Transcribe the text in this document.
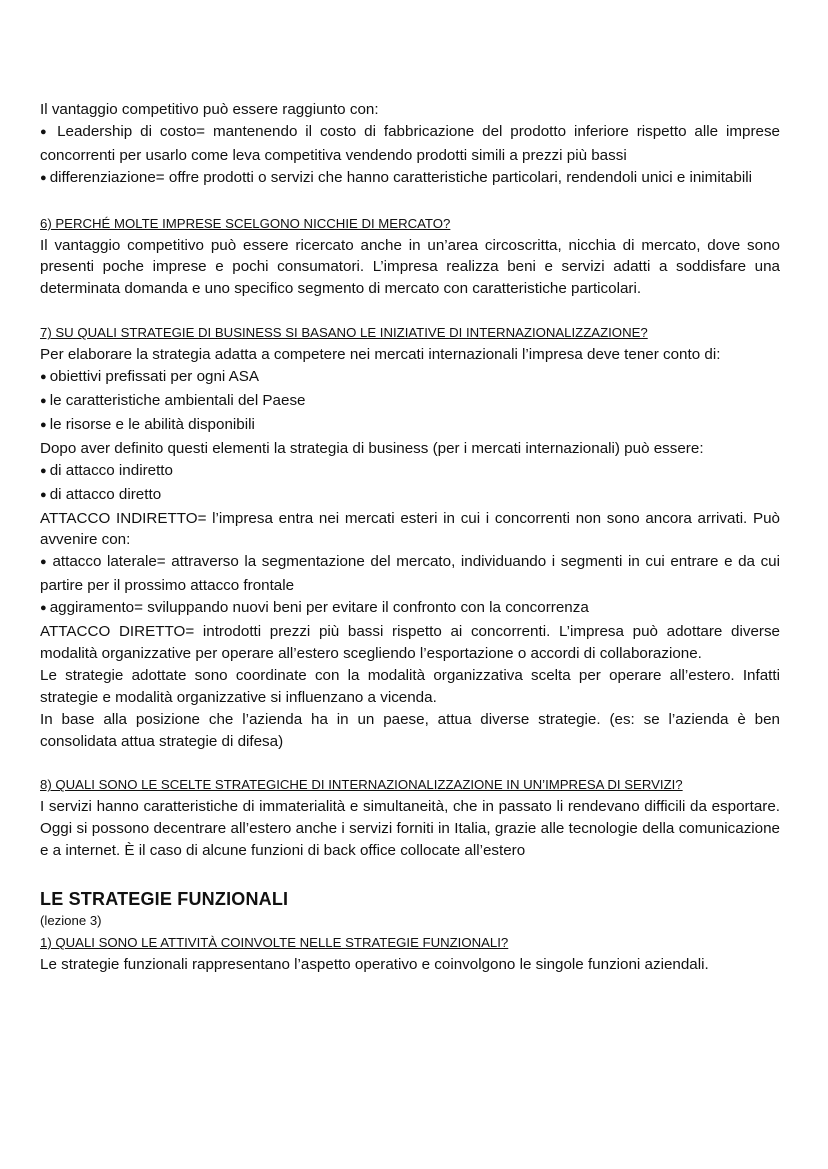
Il vantaggio competitivo può essere raggiunto con:

● Leadership di costo= mantenendo il costo di fabbricazione del prodotto inferiore rispetto alle imprese concorrenti per usarlo come leva competitiva vendendo prodotti simili a prezzi più bassi

● differenziazione= offre prodotti o servizi che hanno caratteristiche particolari, rendendoli unici e inimitabili

6) PERCHÉ MOLTE IMPRESE SCELGONO NICCHIE DI MERCATO?

Il vantaggio competitivo può essere ricercato anche in un’area circoscritta, nicchia di mercato, dove sono presenti poche imprese e pochi consumatori. L’impresa realizza beni e servizi adatti a soddisfare una determinata domanda e uno specifico segmento di mercato con caratteristiche particolari.

7) SU QUALI STRATEGIE DI BUSINESS SI BASANO LE INIZIATIVE DI INTERNAZIONALIZZAZIONE?

Per elaborare la strategia adatta a competere nei mercati internazionali l’impresa deve tener conto di:

● obiettivi prefissati per ogni ASA

● le caratteristiche ambientali del Paese

● le risorse e le abilità disponibili

Dopo aver definito questi elementi la strategia di business (per i mercati internazionali) può essere:

● di attacco indiretto

● di attacco diretto

ATTACCO INDIRETTO= l’impresa entra nei mercati esteri in cui i concorrenti non sono ancora arrivati. Può avvenire con:

● attacco laterale= attraverso la segmentazione del mercato, individuando i segmenti in cui entrare e da cui partire per il prossimo attacco frontale

● aggiramento= sviluppando nuovi beni per evitare il confronto con la concorrenza

ATTACCO DIRETTO= introdotti prezzi più bassi rispetto ai concorrenti. L’impresa può adottare diverse modalità organizzative per operare all’estero scegliendo l’esportazione o accordi di collaborazione.

Le strategie adottate sono coordinate con la modalità organizzativa scelta per operare all’estero. Infatti strategie e modalità organizzative si influenzano a vicenda.

In base alla posizione che l’azienda ha in un paese, attua diverse strategie. (es: se l’azienda è ben consolidata attua strategie di difesa)

8) QUALI SONO LE SCELTE STRATEGICHE DI INTERNAZIONALIZZAZIONE IN UN’IMPRESA DI SERVIZI?

I servizi hanno caratteristiche di immaterialità e simultaneità, che in passato li rendevano difficili da esportare. Oggi si possono decentrare all’estero anche i servizi forniti in Italia, grazie alle tecnologie della comunicazione e a internet. È il caso di alcune funzioni di back office collocate all’estero

LE STRATEGIE FUNZIONALI

(lezione 3)

1) QUALI SONO LE ATTIVITÀ COINVOLTE NELLE STRATEGIE FUNZIONALI?

Le strategie funzionali rappresentano l’aspetto operativo e coinvolgono le singole funzioni aziendali.
